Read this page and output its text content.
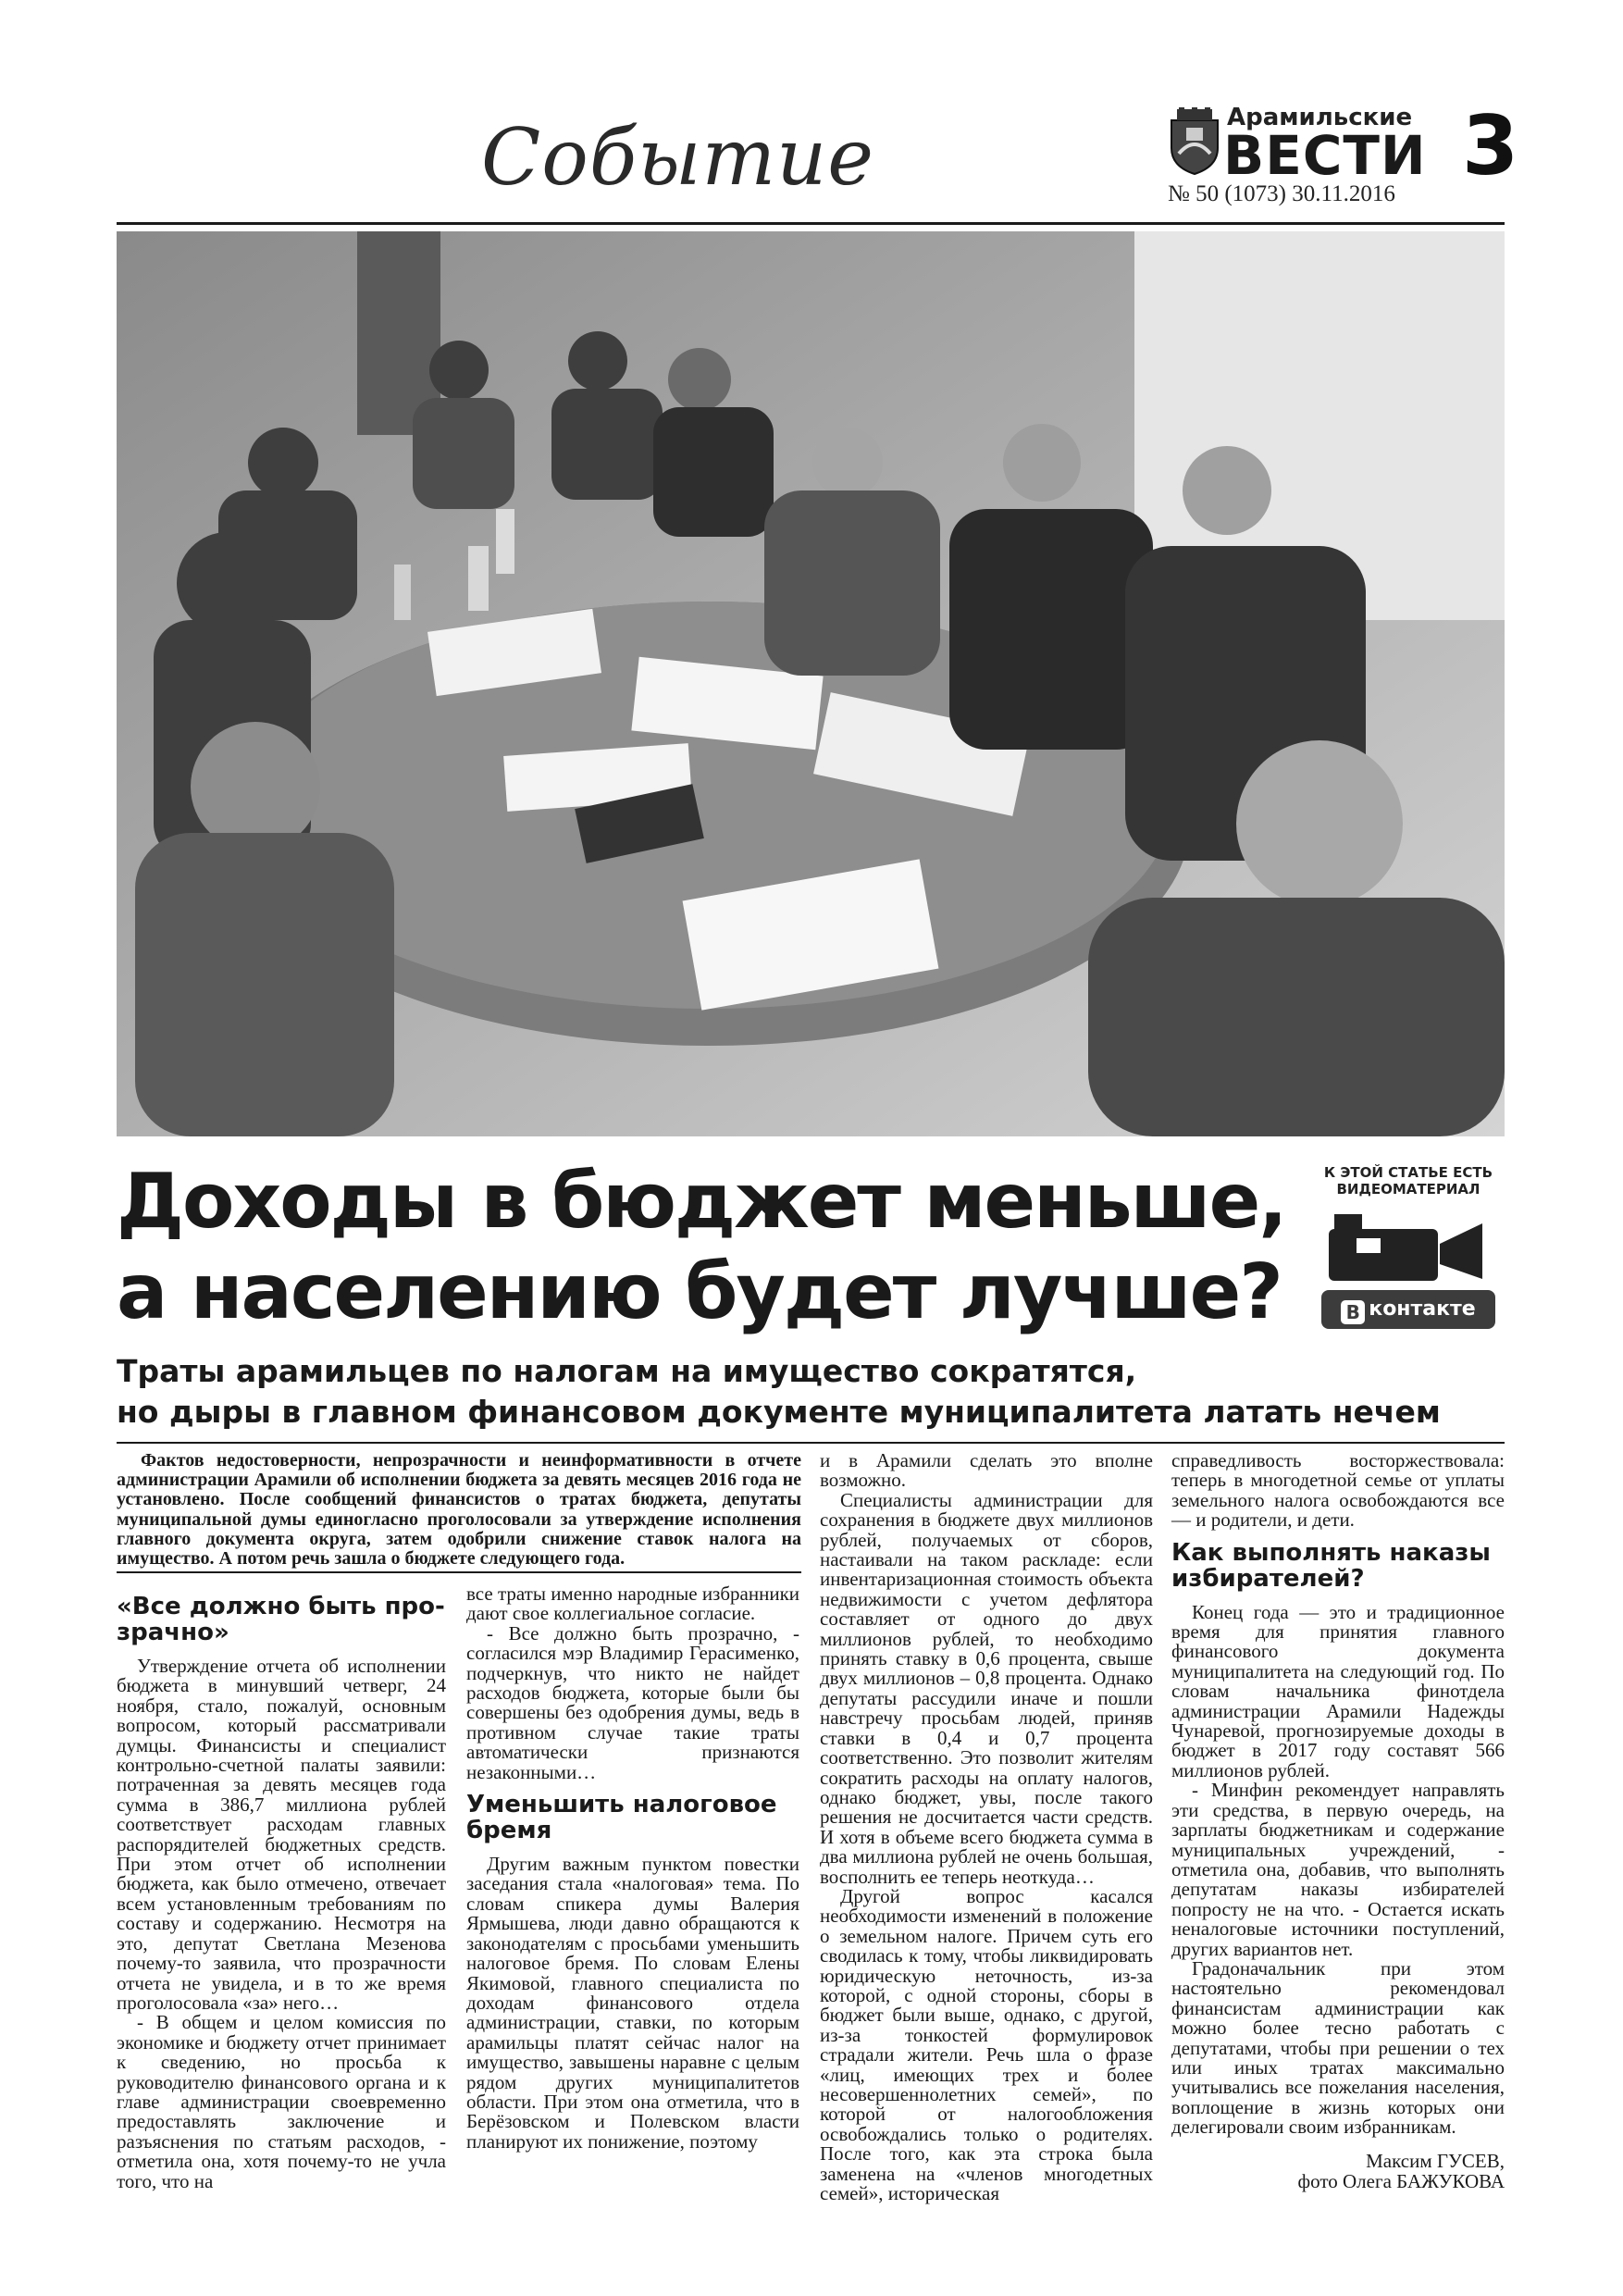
Событие	Арамильские
ВЕСТИ
№ 50 (1073) 30.11.2016
3
Доходы в бюджет меньше,
а населению будет лучше?
К ЭТОЙ СТАТЬЕ ЕСТЬ
ВИДЕОМАТЕРИАЛ
В контакте
Траты арамильцев по налогам на имущество сократятся,
но дыры в главном финансовом документе муниципалитета латать нечем
Фактов недостоверности, непрозрачности и неинформативности в отчете администрации Арамили об исполнении бюджета за девять месяцев 2016 года не установлено. После сообщений финансистов о тратах бюджета, депутаты муниципальной думы единогласно проголосовали за утверждение исполнения главного документа округа, затем одобрили снижение ставок налога на имущество. А потом речь зашла о бюджете следующего года.
«Все должно быть про-
зрачно»

Утверждение отчета об исполнении бюджета в минувший четверг, 24 ноября, стало, пожалуй, основным вопросом, который рассматривали думцы. Финансисты и специалист контрольно-счетной палаты заявили: потраченная за девять месяцев года сумма в 386,7 миллиона рублей соответствует расходам главных распорядителей бюджетных средств. При этом отчет об исполнении бюджета, как было отмечено, отвечает всем установленным требованиям по составу и содержанию. Несмотря на это, депутат Светлана Мезенова почему-то заявила, что прозрачности отчета не увидела, и в то же время проголосовала «за» него…

- В общем и целом комиссия по экономике и бюджету отчет принимает к сведению, но просьба к руководителю финансового органа и к главе администрации своевременно предоставлять заключение и разъяснения по статьям расходов, - отметила она, хотя почему-то не учла того, что на

все траты именно народные избранники дают свое коллегиальное согласие.

- Все должно быть прозрачно, - согласился мэр Владимир Герасименко, подчеркнув, что никто не найдет расходов бюджета, которые были бы совершены без одобрения думы, ведь в противном случае такие траты автоматически признаются незаконными…

Уменьшить налоговое
бремя

Другим важным пунктом повестки заседания стала «налоговая» тема. По словам спикера думы Валерия Ярмышева, люди давно обращаются к законодателям с просьбами уменьшить налоговое бремя. По словам Елены Якимовой, главного специалиста по доходам финансового отдела администрации, ставки, по которым арамильцы платят сейчас налог на имущество, завышены наравне с целым рядом других муниципалитетов области. При этом она отметила, что в Берёзовском и Полевском власти планируют их понижение, поэтому

и в Арамили сделать это вполне возможно.

Специалисты администрации для сохранения в бюджете двух миллионов рублей, получаемых от сборов, настаивали на таком раскладе: если инвентаризационная стоимость объекта недвижимости с учетом дефлятора составляет от одного до двух миллионов рублей, то необходимо принять ставку в 0,6 процента, свыше двух миллионов – 0,8 процента. Однако депутаты рассудили иначе и пошли навстречу просьбам людей, приняв ставки в 0,4 и 0,7 процента соответственно. Это позволит жителям сократить расходы на оплату налогов, однако бюджет, увы, после такого решения не досчитается части средств. И хотя в объеме всего бюджета сумма в два миллиона рублей не очень большая, восполнить ее теперь неоткуда…

Другой вопрос касался необходимости изменений в положение о земельном налоге. Причем суть его сводилась к тому, чтобы ликвидировать юридическую неточность, из-за которой, с одной стороны, сборы в бюджет были выше, однако, с другой, из-за тонкостей формулировок страдали жители. Речь шла о фразе «лиц, имеющих трех и более несовершеннолетних семей», по которой от налогообложения освобождались только о родителях. После того, как эта строка была заменена на «членов многодетных семей», историческая

справедливость восторжествовала: теперь в многодетной семье от уплаты земельного налога освобождаются все — и родители, и дети.

Как выполнять наказы
избирателей?

Конец года — это и традиционное время для принятия главного финансового документа муниципалитета на следующий год. По словам начальника финотдела администрации Арамили Надежды Чунаревой, прогнозируемые доходы в бюджет в 2017 году составят 566 миллионов рублей.

- Минфин рекомендует направлять эти средства, в первую очередь, на зарплаты бюджетникам и содержание муниципальных учреждений, - отметила она, добавив, что выполнять депутатам наказы избирателей попросту не на что. - Остается искать неналоговые источники поступлений, других вариантов нет.

Градоначальник при этом настоятельно рекомендовал финансистам администрации как можно более тесно работать с депутатами, чтобы при решении о тех или иных тратах максимально учитывались все пожелания населения, воплощение в жизнь которых они делегировали своим избранникам.

Максим ГУСЕВ,
фото Олега БАЖУКОВА
